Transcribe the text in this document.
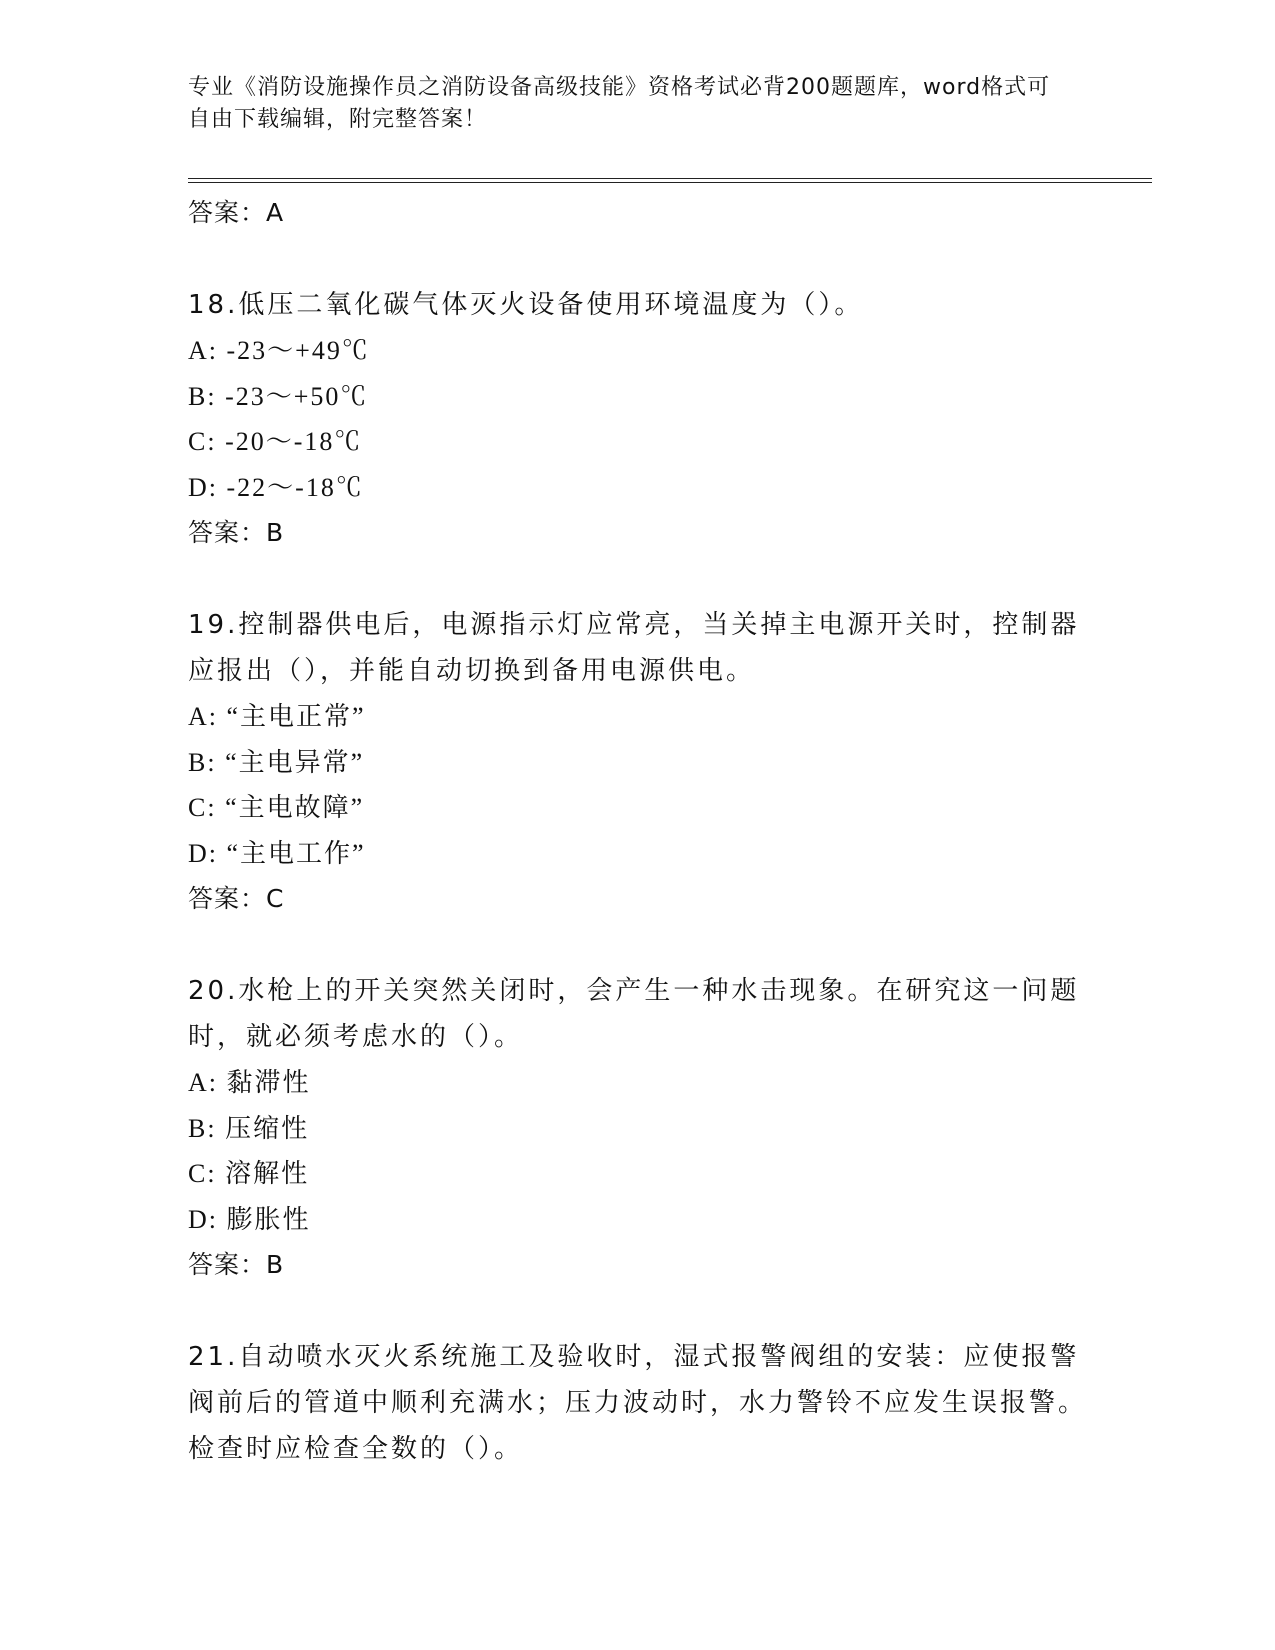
专业《消防设施操作员之消防设备高级技能》资格考试必背200题题库，word格式可自由下载编辑，附完整答案！
答案：A
18.低压二氧化碳气体灭火设备使用环境温度为（）。
A: -23～+49℃
B: -23～+50℃
C: -20～-18℃
D: -22～-18℃
答案：B
19.控制器供电后，电源指示灯应常亮，当关掉主电源开关时，控制器应报出（），并能自动切换到备用电源供电。
A: “主电正常”
B: “主电异常”
C: “主电故障”
D: “主电工作”
答案：C
20.水枪上的开关突然关闭时，会产生一种水击现象。在研究这一问题时，就必须考虑水的（）。
A: 黏滞性
B: 压缩性
C: 溶解性
D: 膨胀性
答案：B
21.自动喷水灭火系统施工及验收时，湿式报警阀组的安装：应使报警阀前后的管道中顺利充满水；压力波动时，水力警铃不应发生误报警。检查时应检查全数的（）。
